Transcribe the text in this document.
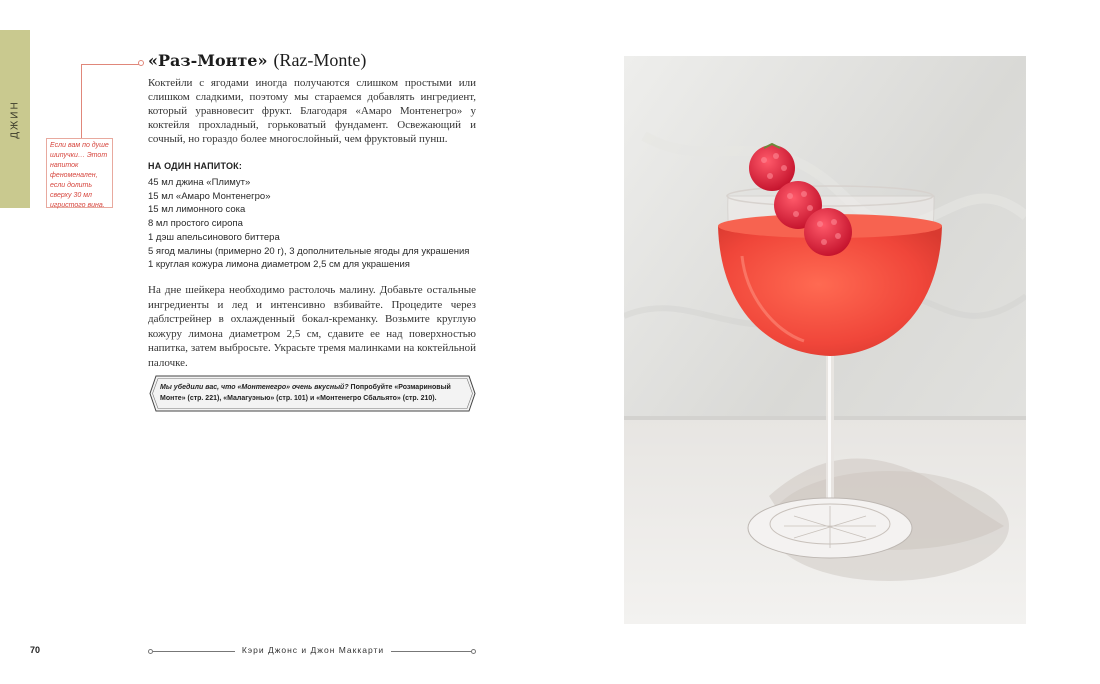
ДЖИН

Если вам по душе шипучки… Этот напиток феноменален, если долить сверху 30 мл игристого вина.

«Раз-Монте» (Raz-Monte)

Коктейли с ягодами иногда получаются слишком простыми или слишком сладкими, поэтому мы стараемся добавлять ингредиент, который уравновесит фрукт. Благодаря «Амаро Монтенегро» у коктейля прохладный, горьковатый фундамент. Освежающий и сочный, но гораздо более многослойный, чем фруктовый пунш.

НА ОДИН НАПИТОК:
45 мл джина «Плимут»
15 мл «Амаро Монтенегро»
15 мл лимонного сока
8 мл простого сиропа
1 дэш апельсинового биттера
5 ягод малины (примерно 20 г), 3 дополнительные ягоды для украшения
1 круглая кожура лимона диаметром 2,5 см для украшения

На дне шейкера необходимо растолочь малину. Добавьте остальные ингредиенты и лед и интенсивно взбивайте. Процедите через даблстрейнер в охлажденный бокал-креманку. Возьмите круглую кожуру лимона диаметром 2,5 см, сдавите ее над поверхностью напитка, затем выбросьте. Украсьте тремя малинками на коктейльной палочке.

Мы убедили вас, что «Монтенегро» очень вкусный? Попробуйте «Розмариновый Монте» (стр. 221), «Малагуэнью» (стр. 101) и «Монтенегро Сбальято» (стр. 210).

70	Кэри Джонс и Джон Маккарти
